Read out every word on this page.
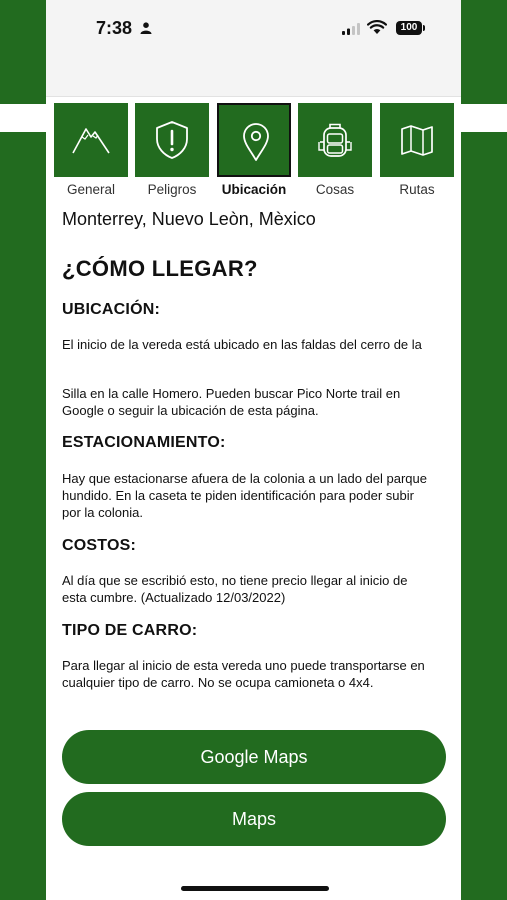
7:38	100
General	Peligros	Ubicación	Cosas	Rutas
Monterrey, Nuevo Leòn, Mèxico
¿CÓMO LLEGAR?
UBICACIÓN:
El inicio de la vereda está ubicado en las faldas del cerro de la
Silla en la calle Homero. Pueden buscar Pico Norte trail en Google o seguir la ubicación de esta página.
ESTACIONAMIENTO:
Hay que estacionarse afuera de la colonia a un lado del parque hundido. En la caseta te piden identificación para poder subir por la colonia.
COSTOS:
Al día que se escribió esto, no tiene precio llegar al inicio de esta cumbre. (Actualizado 12/03/2022)
TIPO DE CARRO:
Para llegar al inicio de esta vereda uno puede transportarse en cualquier tipo de carro. No se ocupa camioneta o 4x4.
Google Maps
Maps
